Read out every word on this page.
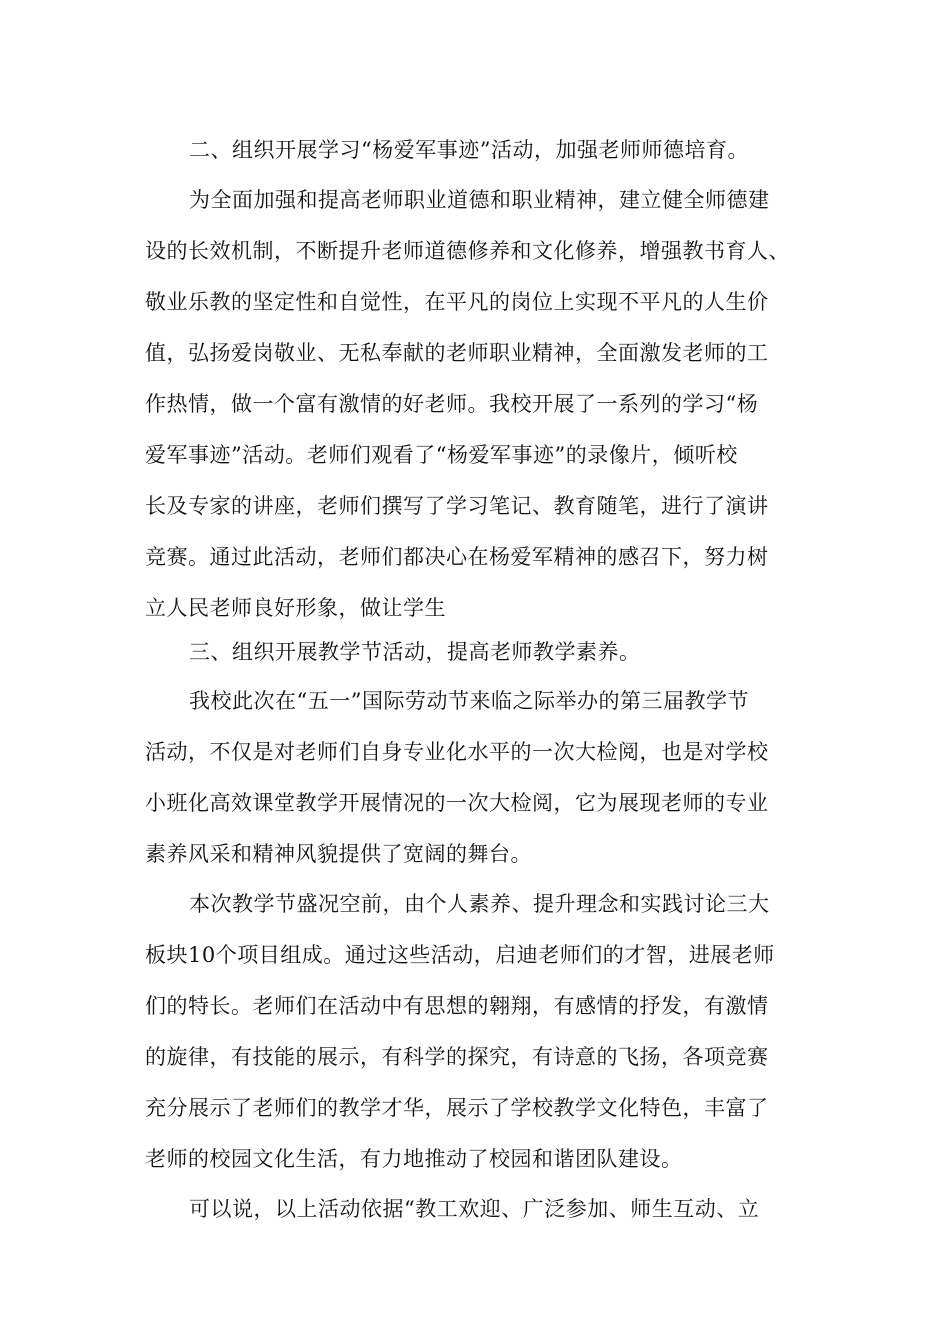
二、组织开展学习“杨爱军事迹”活动，加强老师师德培育。
为全面加强和提高老师职业道德和职业精神，建立健全师德建
设的长效机制，不断提升老师道德修养和文化修养，增强教书育人、
敬业乐教的坚定性和自觉性，在平凡的岗位上实现不平凡的人生价
值，弘扬爱岗敬业、无私奉献的老师职业精神，全面激发老师的工
作热情，做一个富有激情的好老师。我校开展了一系列的学习“杨
爱军事迹”活动。老师们观看了“杨爱军事迹”的录像片，倾听校
长及专家的讲座，老师们撰写了学习笔记、教育随笔，进行了演讲
竞赛。通过此活动，老师们都决心在杨爱军精神的感召下，努力树
立人民老师良好形象，做让学生
三、组织开展教学节活动，提高老师教学素养。
我校此次在“五一”国际劳动节来临之际举办的第三届教学节
活动，不仅是对老师们自身专业化水平的一次大检阅，也是对学校
小班化高效课堂教学开展情况的一次大检阅，它为展现老师的专业
素养风采和精神风貌提供了宽阔的舞台。
本次教学节盛况空前，由个人素养、提升理念和实践讨论三大
板块10个项目组成。通过这些活动，启迪老师们的才智，进展老师
们的特长。老师们在活动中有思想的翱翔，有感情的抒发，有激情
的旋律，有技能的展示，有科学的探究，有诗意的飞扬，各项竞赛
充分展示了老师们的教学才华，展示了学校教学文化特色，丰富了
老师的校园文化生活，有力地推动了校园和谐团队建设。
可以说，以上活动依据“教工欢迎、广泛参加、师生互动、立
